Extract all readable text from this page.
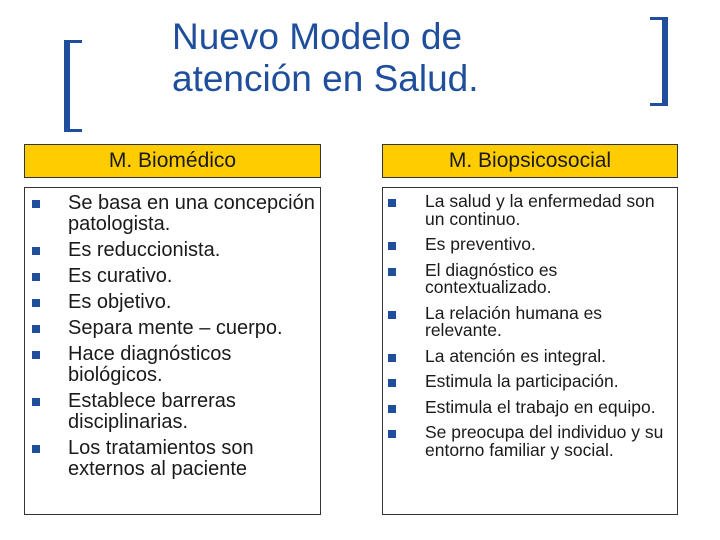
Nuevo Modelo de
atención en Salud.
M. Biomédico	M. Biopsicosocial
Se basa en una concepción patologista.
Es reduccionista.
Es curativo.
Es objetivo.
Separa mente – cuerpo.
Hace diagnósticos biológicos.
Establece barreras disciplinarias.
Los tratamientos son externos al paciente
La salud y la enfermedad son un continuo.
Es preventivo.
El diagnóstico es contextualizado.
La relación humana es relevante.
La atención es integral.
Estimula la participación.
Estimula el trabajo en equipo.
Se preocupa del individuo y su entorno familiar y social.
